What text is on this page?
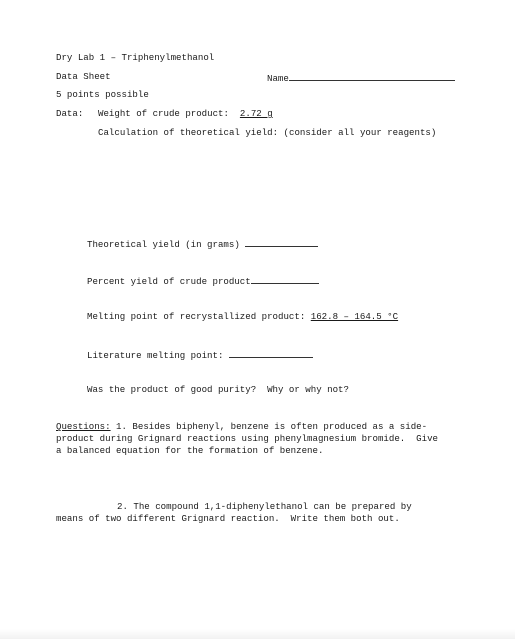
Dry Lab 1 – Triphenylmethanol
Data Sheet	Name
5 points possible
Data: Weight of crude product: 2.72 g
Calculation of theoretical yield: (consider all your reagents)
Theoretical yield (in grams)
Percent yield of crude product
Melting point of recrystallized product: 162.8 – 164.5 °C
Literature melting point:
Was the product of good purity?  Why or why not?
Questions: 1. Besides biphenyl, benzene is often produced as a side-
product during Grignard reactions using phenylmagnesium bromide.  Give
a balanced equation for the formation of benzene.
2. The compound 1,1-diphenylethanol can be prepared by
means of two different Grignard reaction.  Write them both out.
